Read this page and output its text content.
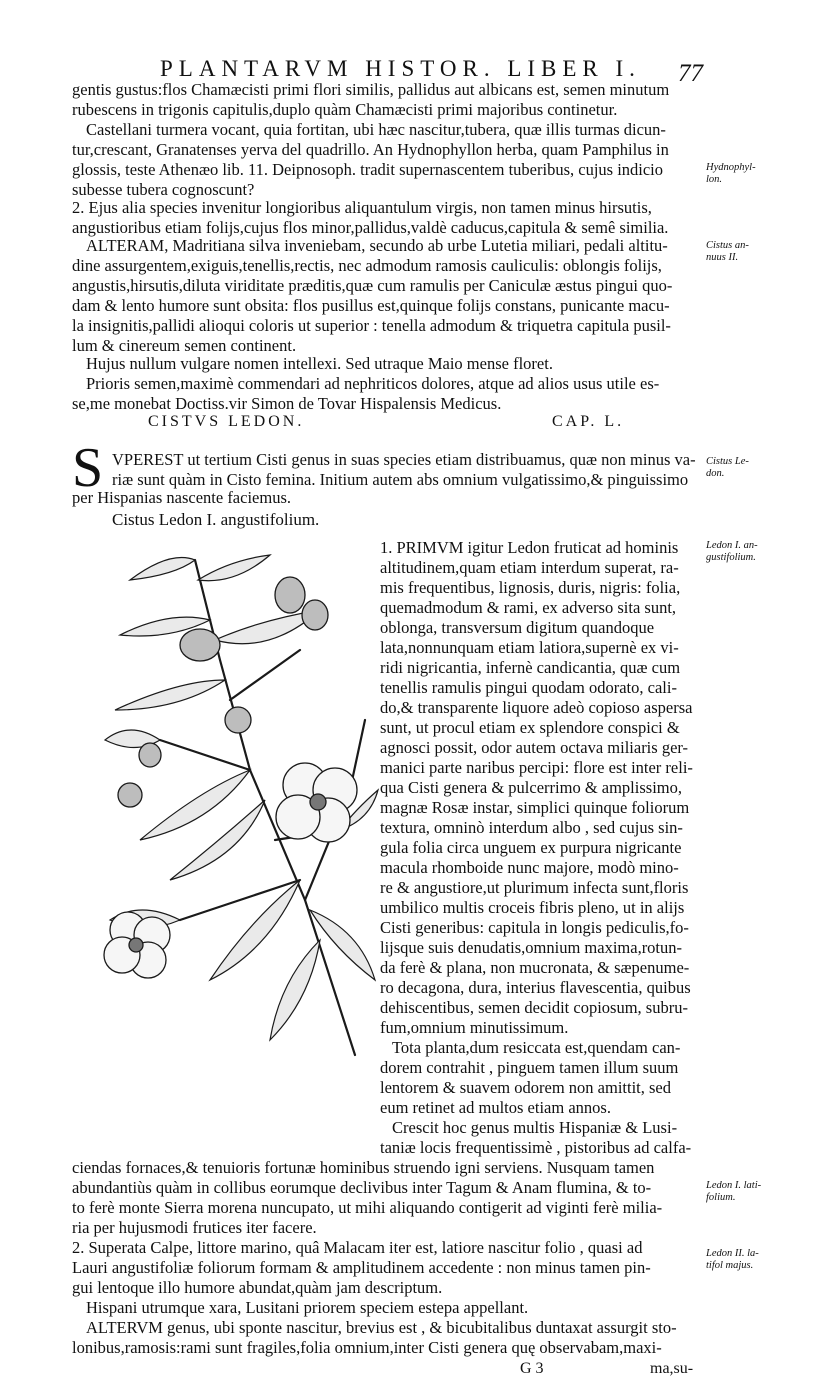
PLANTARVM HISTOR. LIBER I. 77
gentis gustus:flos Chamæcisti primi flori similis, pallidus aut albicans est, semen minutum
rubescens in trigonis capitulis,duplo quàm Chamæcisti primi majoribus continetur.
Castellani turmera vocant, quia fortitan, ubi hæc nascitur,tubera, quæ illis turmas dicun-
tur,crescant, Granatenses yerva del quadrillo. An Hydnophyllon herba, quam Pamphilus in
glossis, teste Athenæo lib. 11. Deipnosoph. tradit supernascentem tuberibus, cujus indicio
subesse tubera cognoscunt?
2. Ejus alia species invenitur longioribus aliquantulum virgis, non tamen minus hirsutis,
angustioribus etiam folijs,cujus flos minor,pallidus,valdè caducus,capitula & semê similia.
ALTERAM, Madritiana silva inveniebam, secundo ab urbe Lutetia miliari, pedali altitu-
dine assurgentem,exiguis,tenellis,rectis, nec admodum ramosis cauliculis: oblongis folijs,
angustis,hirsutis,diluta viriditate præditis,quæ cum ramulis per Caniculæ æstus pingui quo-
dam & lento humore sunt obsita: flos pusillus est,quinque folijs constans, punicante macu-
la insignitis,pallidi alioqui coloris ut superior : tenella admodum & triquetra capitula pusil-
lum & cinereum semen continent.
Hujus nullum vulgare nomen intellexi. Sed utraque Maio mense floret.
Prioris semen,maximè commendari ad nephriticos dolores, atque ad alios usus utile es-
se,me monebat Doctiss.vir Simon de Tovar Hispalensis Medicus.
CISTVS LEDON.	CAP. L.
S VPEREST ut tertium Cisti genus in suas species etiam distribuamus, quæ non minus va-
riæ sunt quàm in Cisto femina. Initium autem abs omnium vulgatissimo,& pinguissimo
per Hispanias nascente faciemus.
Cistus Ledon I. angustifolium.
1. PRIMVM igitur Ledon fruticat ad hominis
altitudinem,quam etiam interdum superat, ra-
mis frequentibus, lignosis, duris, nigris: folia,
quemadmodum & rami, ex adverso sita sunt,
oblonga, transversum digitum quandoque
lata,nonnunquam etiam latiora,supernè ex vi-
ridi nigricantia, infernè candicantia, quæ cum
tenellis ramulis pingui quodam odorato, cali-
do,& transparente liquore adeò copioso aspersa
sunt, ut procul etiam ex splendore conspici &
agnosci possit, odor autem octava miliaris ger-
manici parte naribus percipi: flore est inter reli-
qua Cisti genera & pulcerrimo & amplissimo,
magnæ Rosæ instar, simplici quinque foliorum
textura, omninò interdum albo , sed cujus sin-
gula folia circa unguem ex purpura nigricante
macula rhomboide nunc majore, modò mino-
re & angustiore,ut plurimum infecta sunt,floris
umbilico multis croceis fibris pleno, ut in alijs
Cisti generibus: capitula in longis pediculis,fo-
lijsque suis denudatis,omnium maxima,rotun-
da ferè & plana, non mucronata, & sæpenume-
ro decagona, dura, interius flavescentia, quibus
dehiscentibus, semen decidit copiosum, subru-
fum,omnium minutissimum.
Tota planta,dum resiccata est,quendam can-
dorem contrahit , pinguem tamen illum suum
lentorem & suavem odorem non amittit, sed
eum retinet ad multos etiam annos.
Crescit hoc genus multis Hispaniæ & Lusi-
taniæ locis frequentissimè , pistoribus ad calfa-
ciendas fornaces,& tenuioris fortunæ hominibus struendo igni serviens. Nusquam tamen
abundantiùs quàm in collibus eorumque declivibus inter Tagum & Anam flumina, & to-
to ferè monte Sierra morena nuncupato, ut mihi aliquando contigerit ad viginti ferè milia-
ria per hujusmodi frutices iter facere.
2. Superata Calpe, littore marino, quâ Malacam iter est, latiore nascitur folio , quasi ad
Lauri angustifoliæ foliorum formam & amplitudinem accedente : non minus tamen pin-
gui lentoque illo humore abundat,quàm jam descriptum.
Hispani utrumque xara, Lusitani priorem speciem estepa appellant.
ALTERVM genus, ubi sponte nascitur, brevius est , & bicubitalibus duntaxat assurgit sto-
lonibus,ramosis:rami sunt fragiles,folia omnium,inter Cisti genera quę observabam,maxi-
G 3	ma,su-
Hydnophyl-
lon.
Cistus an-
nuus II.
Cistus Le-
don.
Ledon I. an-
gustifolium.
Ledon I. lati-
folium.
Ledon II. la-
tifol majus.
